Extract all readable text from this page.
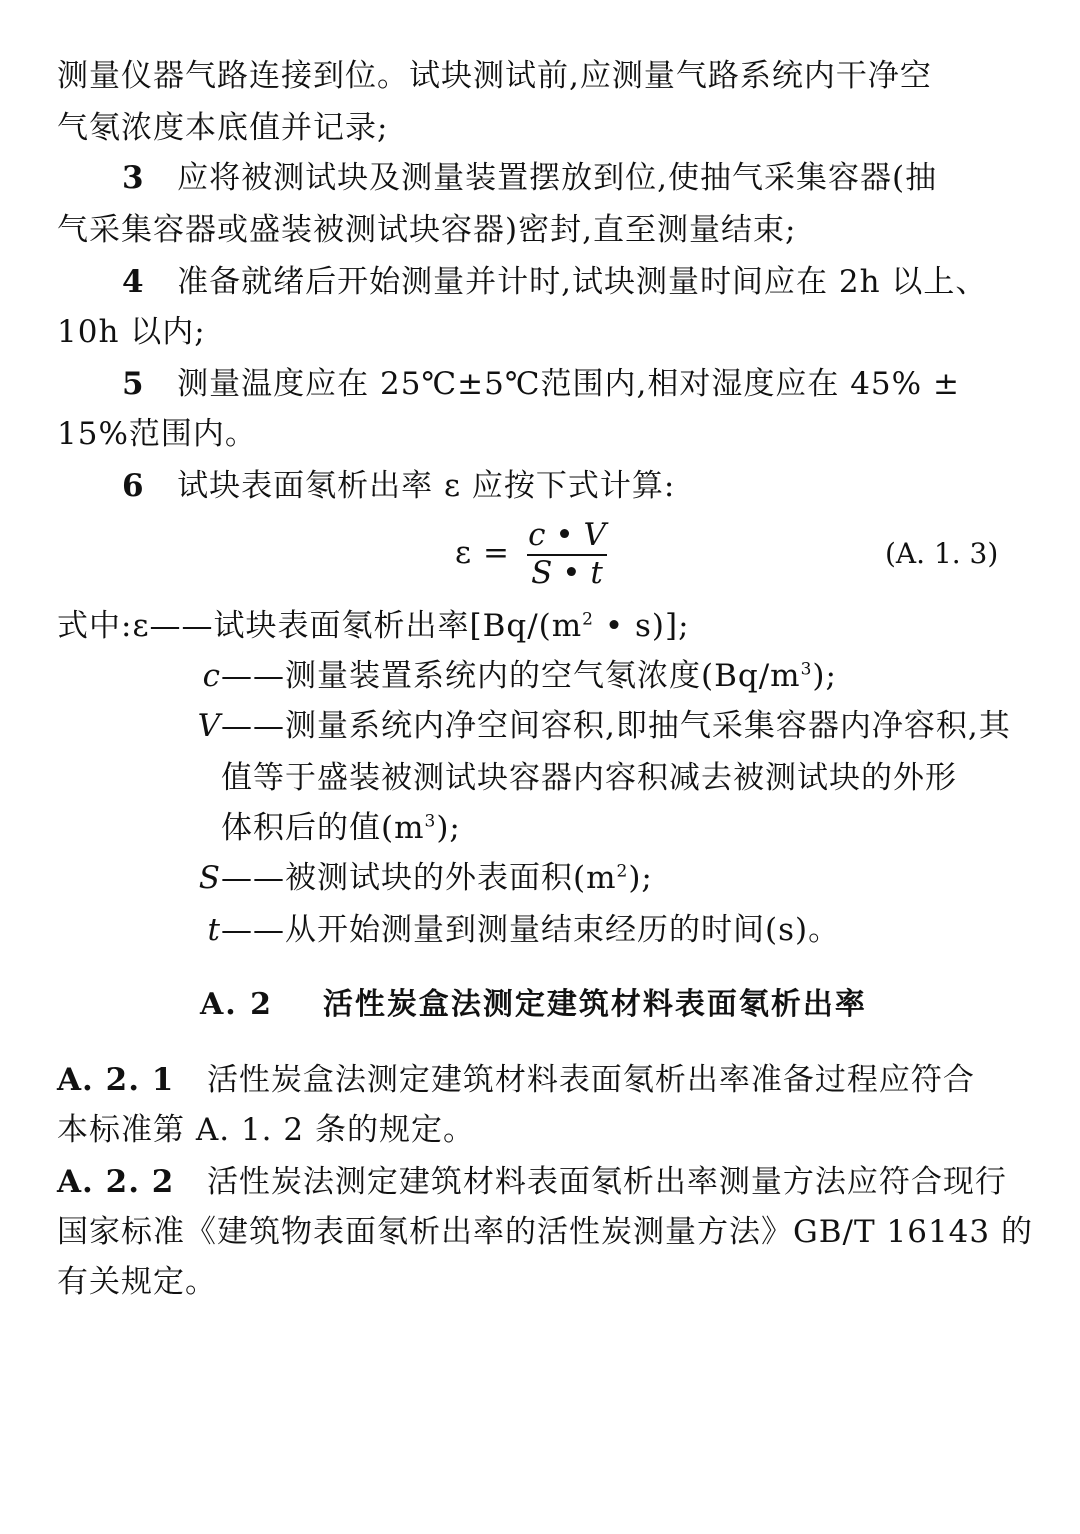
测量仪器气路连接到位。试块测试前,应测量气路系统内干净空
气氡浓度本底值并记录;
3 应将被测试块及测量装置摆放到位,使抽气采集容器(抽
气采集容器或盛装被测试块容器)密封,直至测量结束;
4 准备就绪后开始测量并计时,试块测量时间应在 2h 以上、
10h 以内;
5 测量温度应在 25℃±5℃范围内,相对湿度应在 45% ±
15%范围内。
6 试块表面氡析出率 ε 应按下式计算:
ε = c • V
S • t
(A. 1. 3)
式中:ε——试块表面氡析出率[$Bq/(m^2$ • s)];
c——测量装置系统内的空气氡浓度$(Bq/m^3)$;
V——测量系统内净空间容积,即抽气采集容器内净容积,其
值等于盛装被测试块容器内容积减去被测试块的外形
体积后的值$(m^3)$;
S——被测试块的外表面积$(m^2)$;
t——从开始测量到测量结束经历的时间(s)。
A. 2 活性炭盒法测定建筑材料表面氡析出率
A. 2. 1 活性炭盒法测定建筑材料表面氡析出率准备过程应符合
本标准第 A. 1. 2 条的规定。
A. 2. 2 活性炭法测定建筑材料表面氡析出率测量方法应符合现行
国家标准《建筑物表面氡析出率的活性炭测量方法》GB/T 16143 的
有关规定。
